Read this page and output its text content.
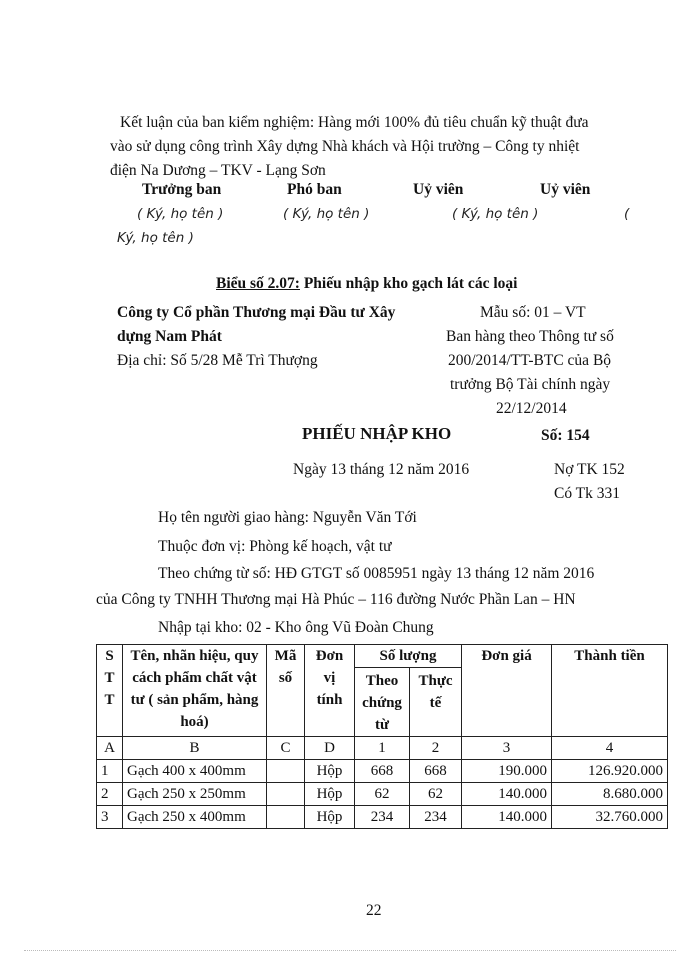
Kết luận của ban kiểm nghiệm: Hàng mới 100% đủ tiêu chuẩn kỹ thuật đưa
vào sử dụng công trình Xây dựng Nhà khách và Hội trường – Công ty nhiệt
điện Na Dương – TKV - Lạng Sơn
Trưởng ban	Phó ban	Uỷ viên	Uỷ viên
( Ký, họ tên )	( Ký, họ tên )	( Ký, họ tên )	(
Ký, họ tên )
Biểu số 2.07: Phiếu nhập kho gạch lát các loại
Công ty Cổ phần Thương mại Đầu tư Xây
dựng Nam Phát
Địa chỉ: Số 5/28 Mễ Trì Thượng
Mẫu số: 01 – VT
Ban hàng theo Thông tư số
200/2014/TT-BTC của Bộ
trưởng Bộ Tài chính ngày
22/12/2014
PHIẾU NHẬP KHO	Số: 154
Ngày 13 tháng 12 năm 2016	Nợ TK 152
Có Tk 331
Họ tên người giao hàng: Nguyễn Văn Tới
Thuộc đơn vị: Phòng kế hoạch, vật tư
Theo chứng từ số: HĐ GTGT số 0085951 ngày 13 tháng 12 năm 2016
của Công ty TNHH Thương mại Hà Phúc – 116 đường Nước Phần Lan – HN
Nhập tại kho: 02 - Kho ông Vũ Đoàn Chung
S
T
T	Tên, nhãn hiệu, quy cách phẩm chất vật tư ( sản phẩm, hàng hoá)	Mã số	Đơn vị tính	Số lượng		Đơn giá	Thành tiền
				Theo chứng từ	Thực tế		
A	B	C	D	1	2	3	4
1	Gạch 400 x 400mm		Hộp	668	668	190.000	126.920.000
2	Gạch 250 x 250mm		Hộp	62	62	140.000	8.680.000
3	Gạch 250 x 400mm		Hộp	234	234	140.000	32.760.000
22
